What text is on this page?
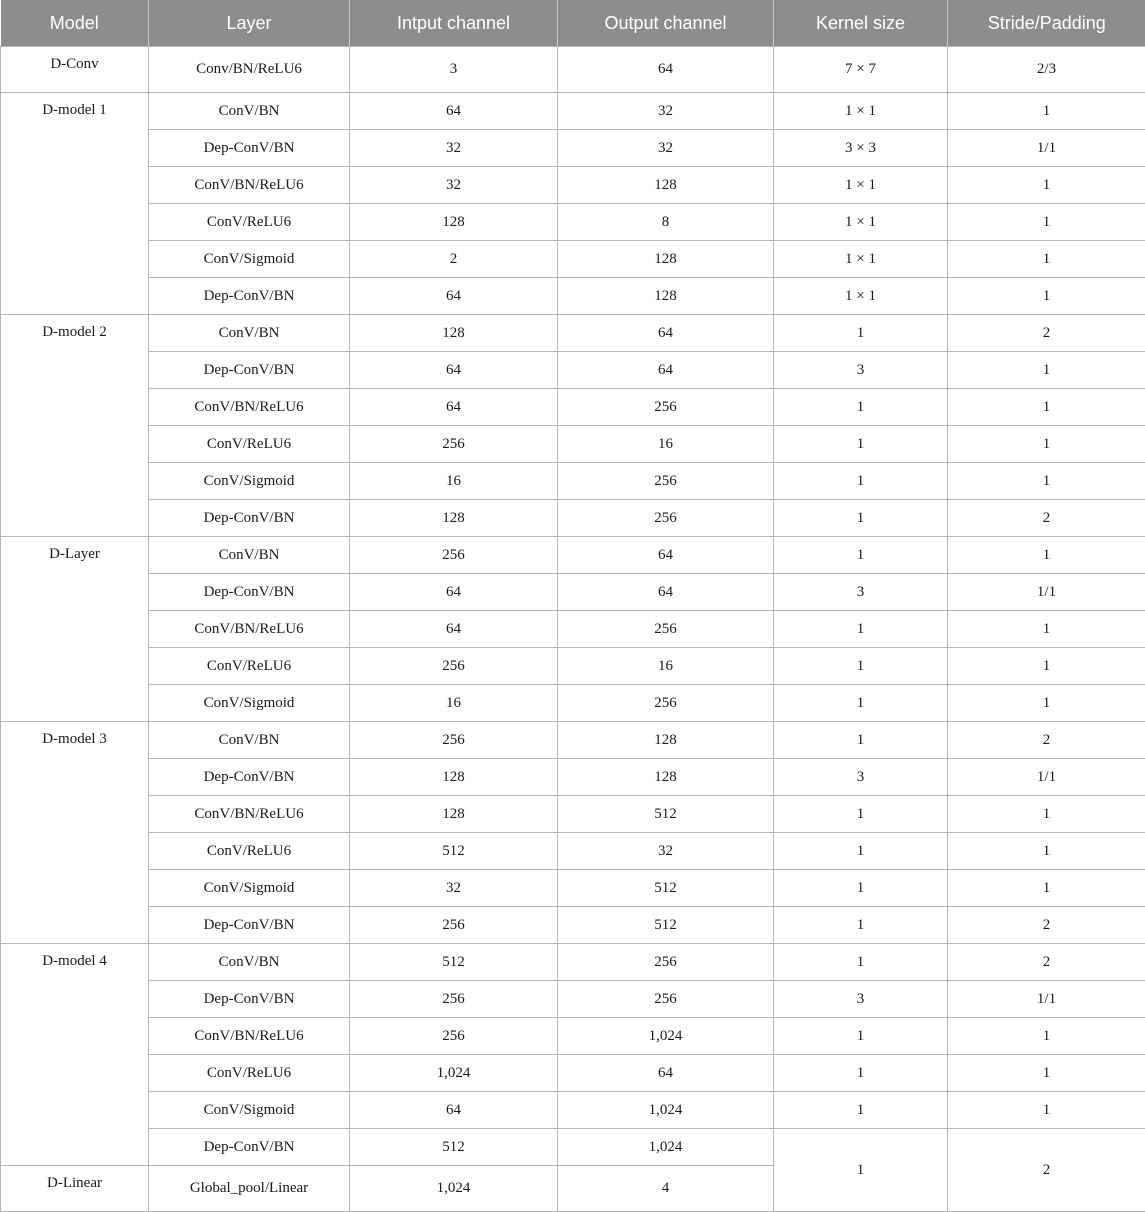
Model	Layer	Intput channel	Output channel	Kernel size	Stride/Padding
D-Conv	Conv/BN/ReLU6	3	64	7 × 7	2/3
D-model 1	ConV/BN	64	32	1 × 1	1
	Dep-ConV/BN	32	32	3 × 3	1/1
	ConV/BN/ReLU6	32	128	1 × 1	1
	ConV/ReLU6	128	8	1 × 1	1
	ConV/Sigmoid	2	128	1 × 1	1
	Dep-ConV/BN	64	128	1 × 1	1
D-model 2	ConV/BN	128	64	1	2
	Dep-ConV/BN	64	64	3	1
	ConV/BN/ReLU6	64	256	1	1
	ConV/ReLU6	256	16	1	1
	ConV/Sigmoid	16	256	1	1
	Dep-ConV/BN	128	256	1	2
D-Layer	ConV/BN	256	64	1	1
	Dep-ConV/BN	64	64	3	1/1
	ConV/BN/ReLU6	64	256	1	1
	ConV/ReLU6	256	16	1	1
	ConV/Sigmoid	16	256	1	1
D-model 3	ConV/BN	256	128	1	2
	Dep-ConV/BN	128	128	3	1/1
	ConV/BN/ReLU6	128	512	1	1
	ConV/ReLU6	512	32	1	1
	ConV/Sigmoid	32	512	1	1
	Dep-ConV/BN	256	512	1	2
D-model 4	ConV/BN	512	256	1	2
	Dep-ConV/BN	256	256	3	1/1
	ConV/BN/ReLU6	256	1,024	1	1
	ConV/ReLU6	1,024	64	1	1
	ConV/Sigmoid	64	1,024	1	1
	Dep-ConV/BN	512	1,024	1	2
D-Linear	Global_pool/Linear	1,024	4		
